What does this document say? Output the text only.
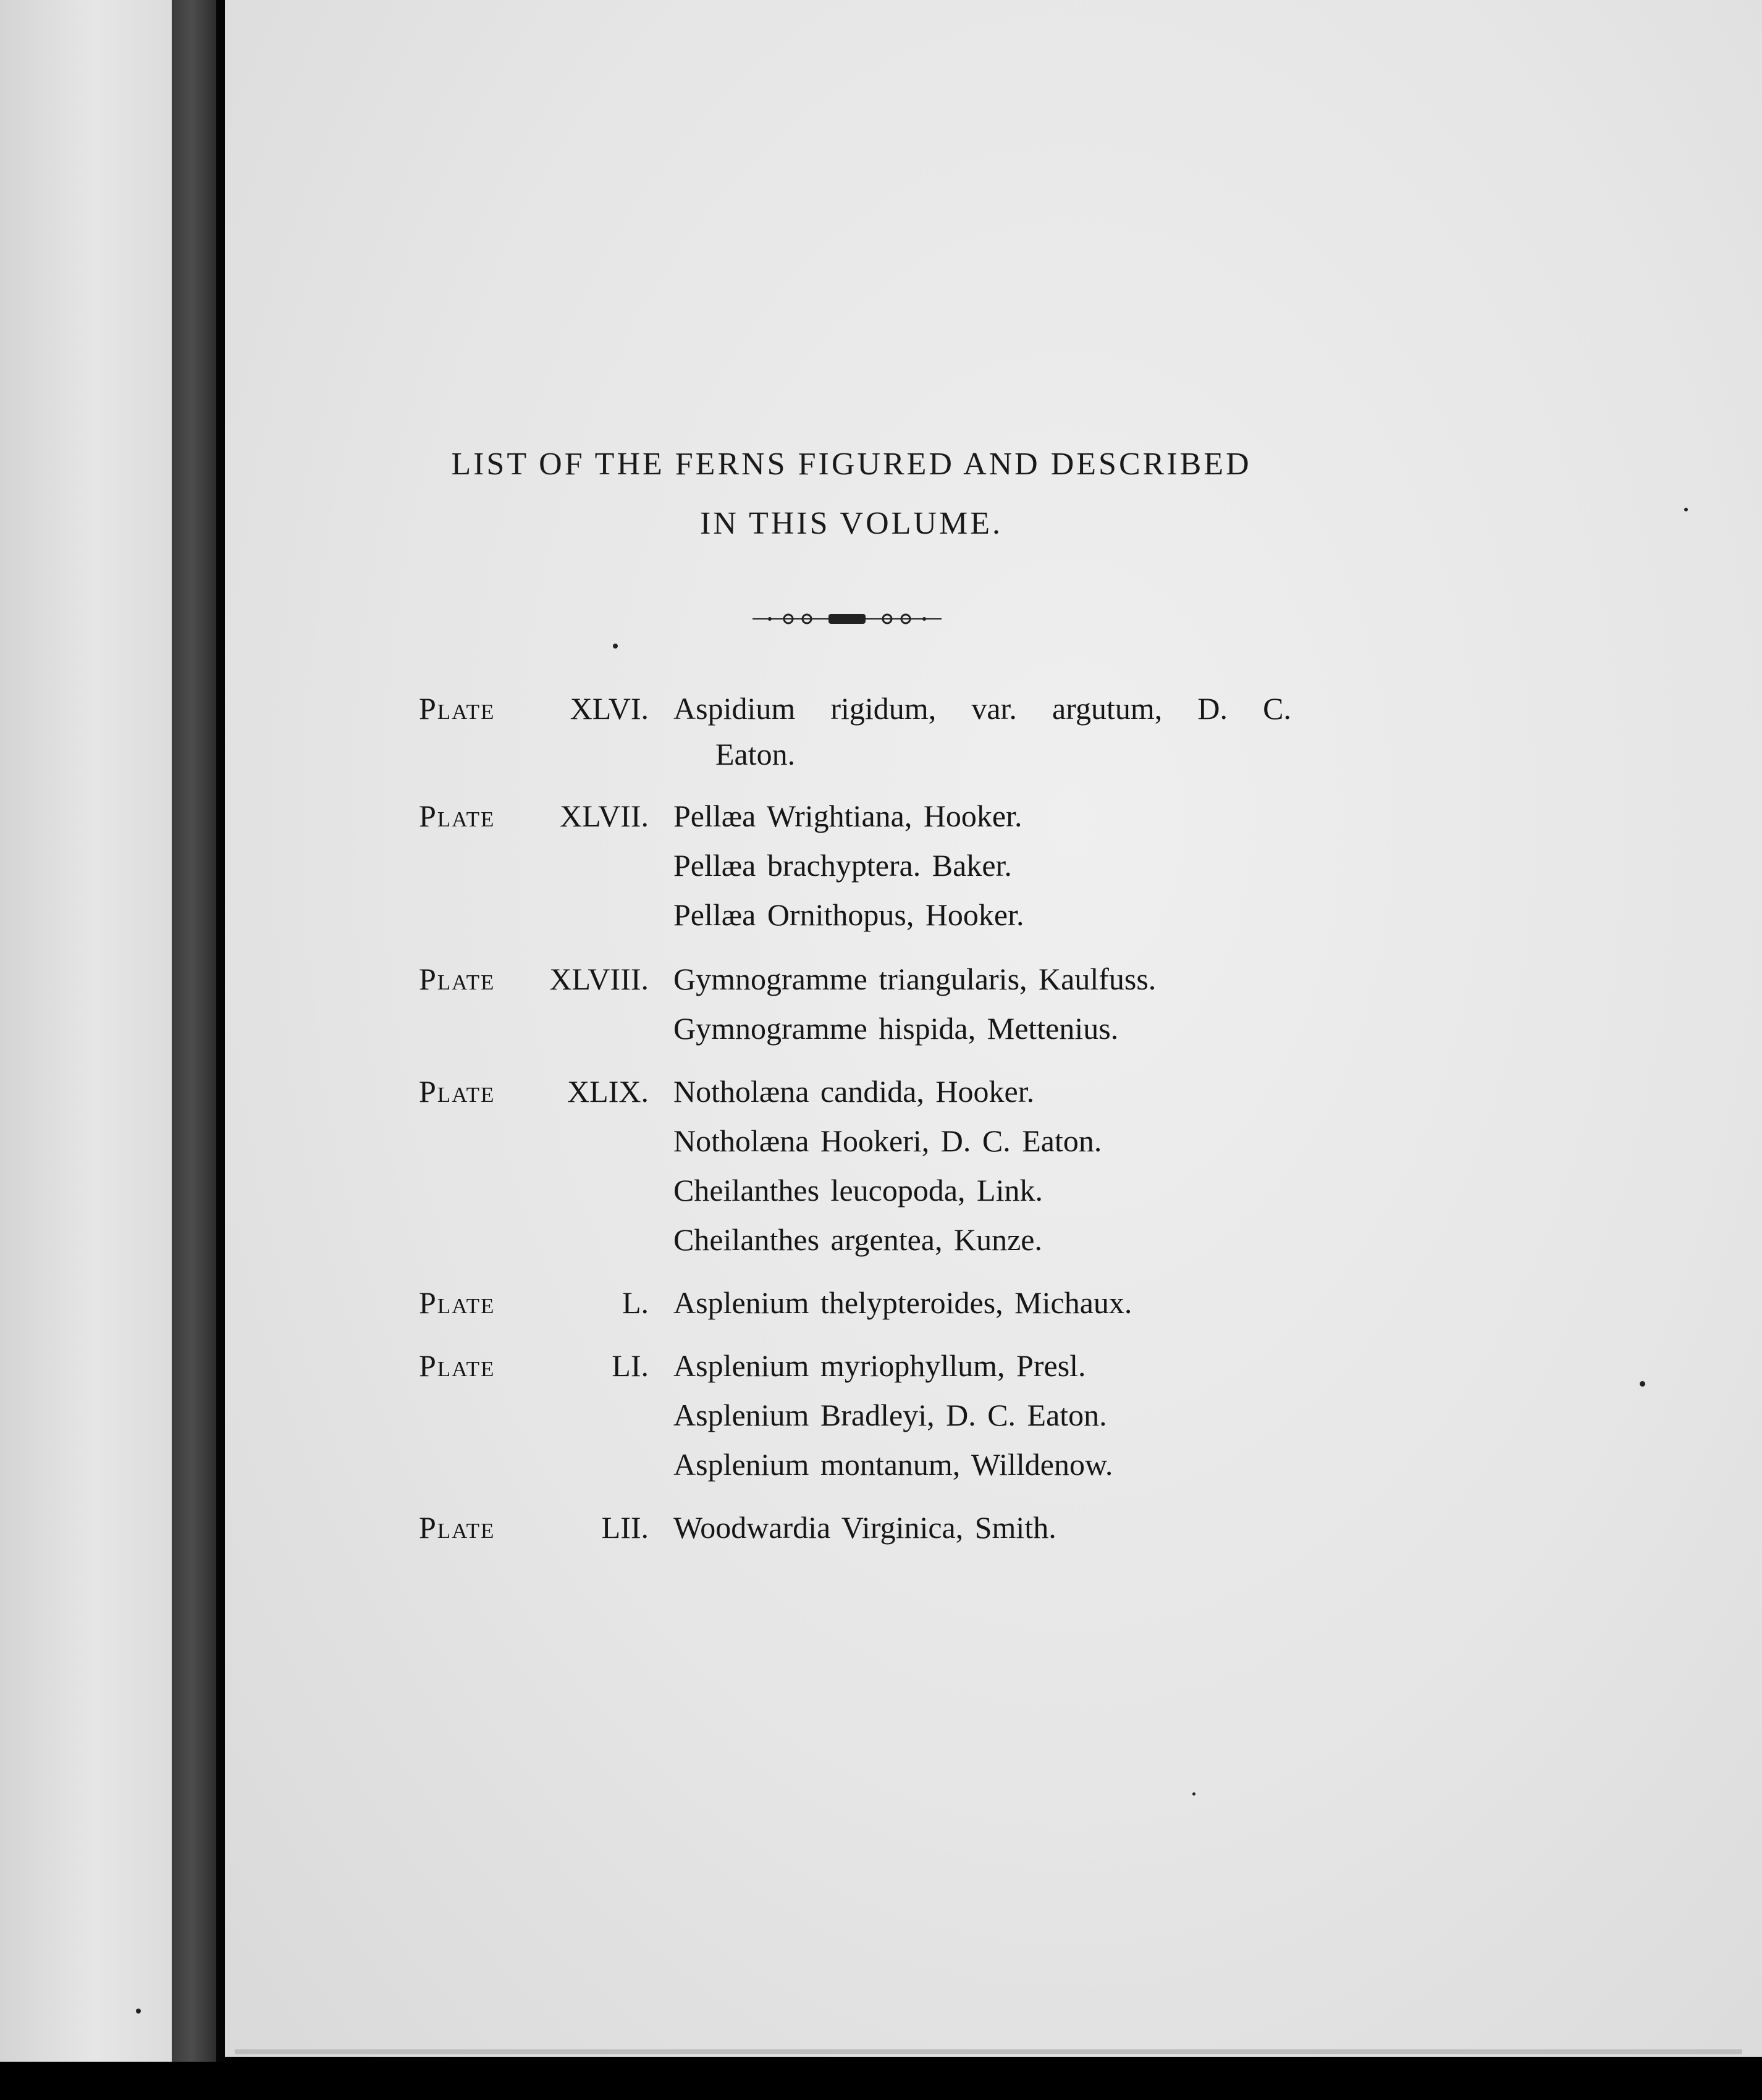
LIST OF THE FERNS FIGURED AND DESCRIBED
IN THIS VOLUME.
Plate	XLVI. Aspidium rigidum, var. argutum, D. C.
Eaton.
Plate	XLVII. Pellæa Wrightiana, Hooker.
Pellæa brachyptera. Baker.
Pellæa Ornithopus, Hooker.
Plate	XLVIII. Gymnogramme triangularis, Kaulfuss.
Gymnogramme hispida, Mettenius.
Plate	XLIX. Notholæna candida, Hooker.
Notholæna Hookeri, D. C. Eaton.
Cheilanthes leucopoda, Link.
Cheilanthes argentea, Kunze.
Plate	L. Asplenium thelypteroides, Michaux.
Plate	LI. Asplenium myriophyllum, Presl.
Asplenium Bradleyi, D. C. Eaton.
Asplenium montanum, Willdenow.
Plate	LII. Woodwardia Virginica, Smith.
